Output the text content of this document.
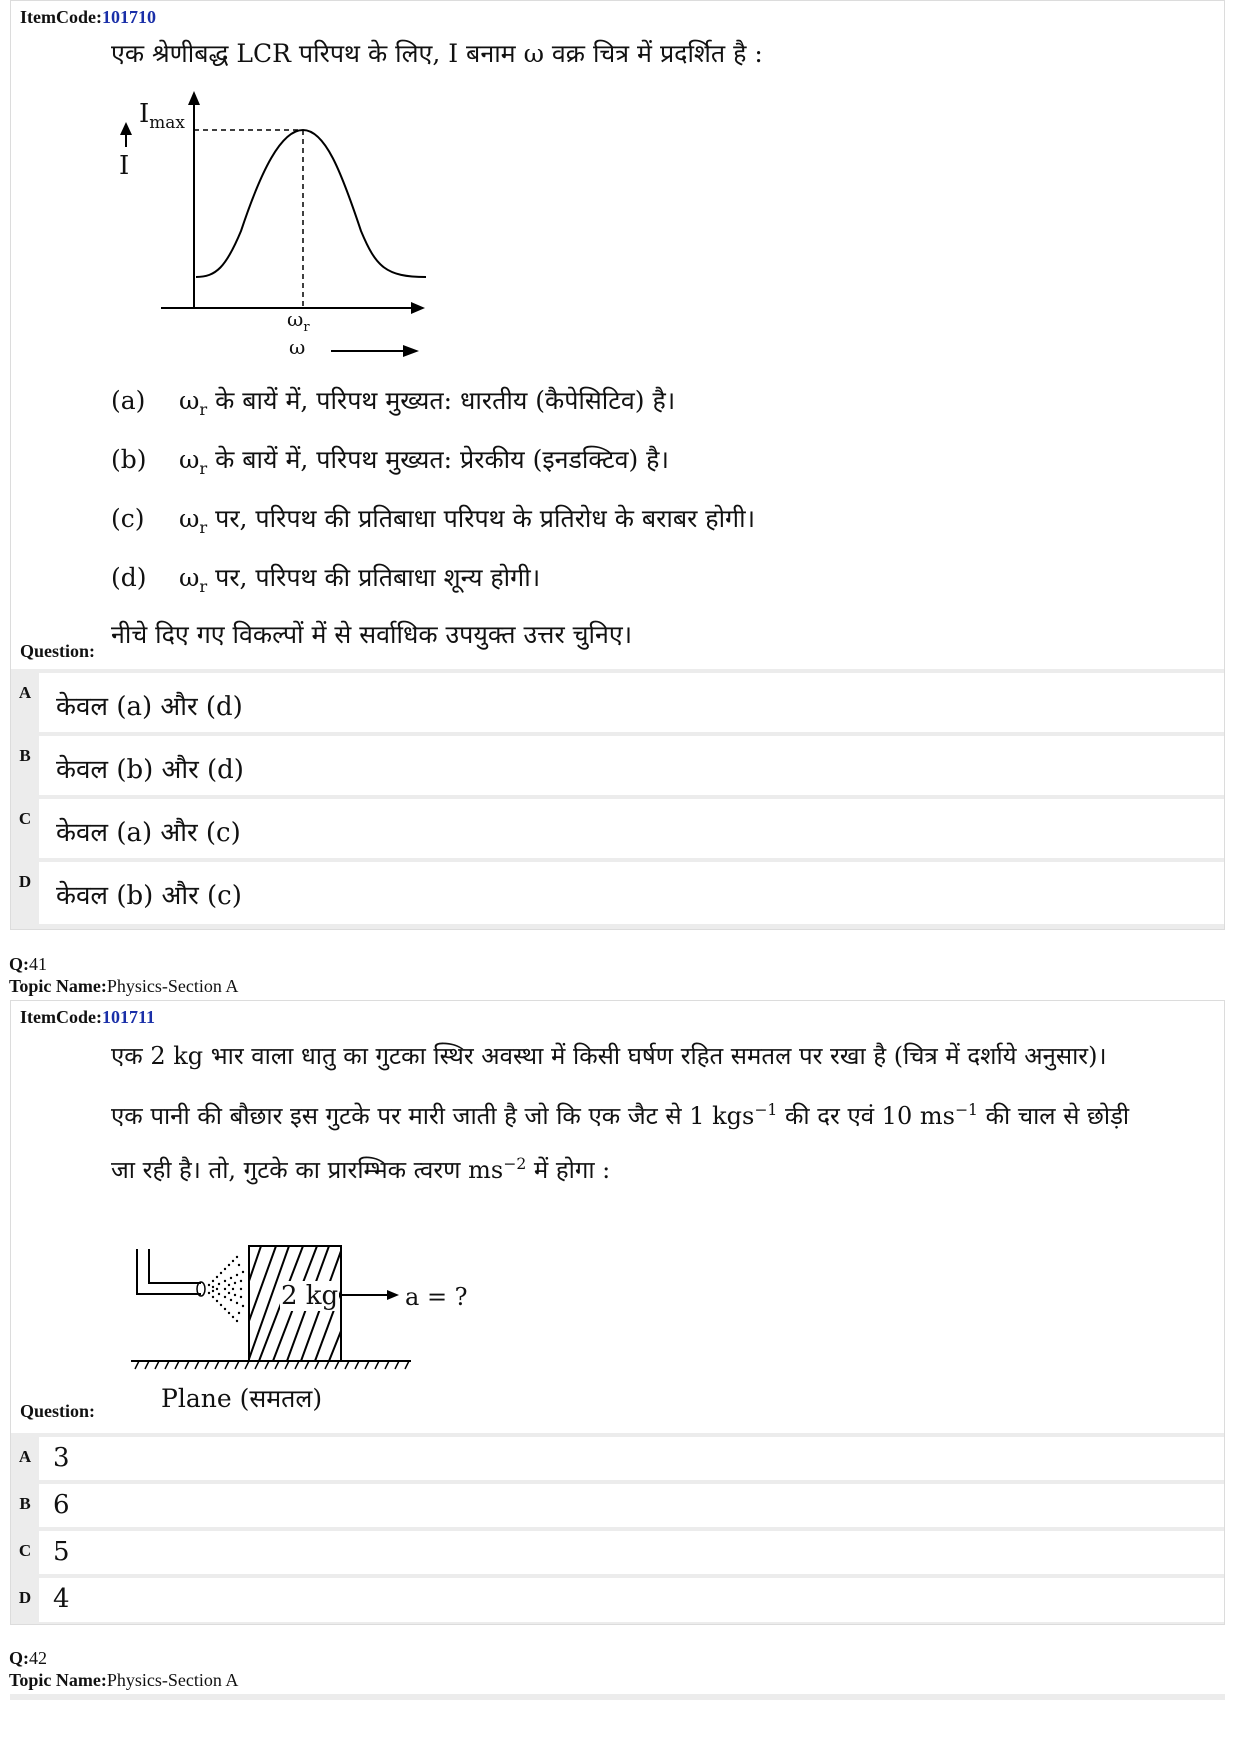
ItemCode:101710
एक श्रेणीबद्ध LCR परिपथ के लिए, I बनाम ω वक्र चित्र में प्रदर्शित है :
$I_{max}$
I
$\omega_r$
ω
(a) $\omega_r$ के बायें में, परिपथ मुख्यत: धारतीय (कैपेसिटिव) है।
(b) $\omega_r$ के बायें में, परिपथ मुख्यत: प्रेरकीय (इनडक्टिव) है।
(c) $\omega_r$ पर, परिपथ की प्रतिबाधा परिपथ के प्रतिरोध के बराबर होगी।
(d) $\omega_r$ पर, परिपथ की प्रतिबाधा शून्य होगी।
नीचे दिए गए विकल्पों में से सर्वाधिक उपयुक्त उत्तर चुनिए।
Question:
A केवल (a) और (d)
B केवल (b) और (d)
C केवल (a) और (c)
D केवल (b) और (c)
Q:41
Topic Name:Physics-Section A
ItemCode:101711
एक 2 kg भार वाला धातु का गुटका स्थिर अवस्था में किसी घर्षण रहित समतल पर रखा है (चित्र में दर्शाये अनुसार)।
एक पानी की बौछार इस गुटके पर मारी जाती है जो कि एक जैट से 1 kgs$^{-1}$ की दर एवं 10 $ms^{-1}$ की चाल से छोड़ी
जा रही है। तो, गुटके का प्रारम्भिक त्वरण $ms^{-2}$ में होगा :
2 kg	a = ?
Plane (समतल)
Question:
A 3
B 6
C 5
D 4
Q:42
Topic Name:Physics-Section A
